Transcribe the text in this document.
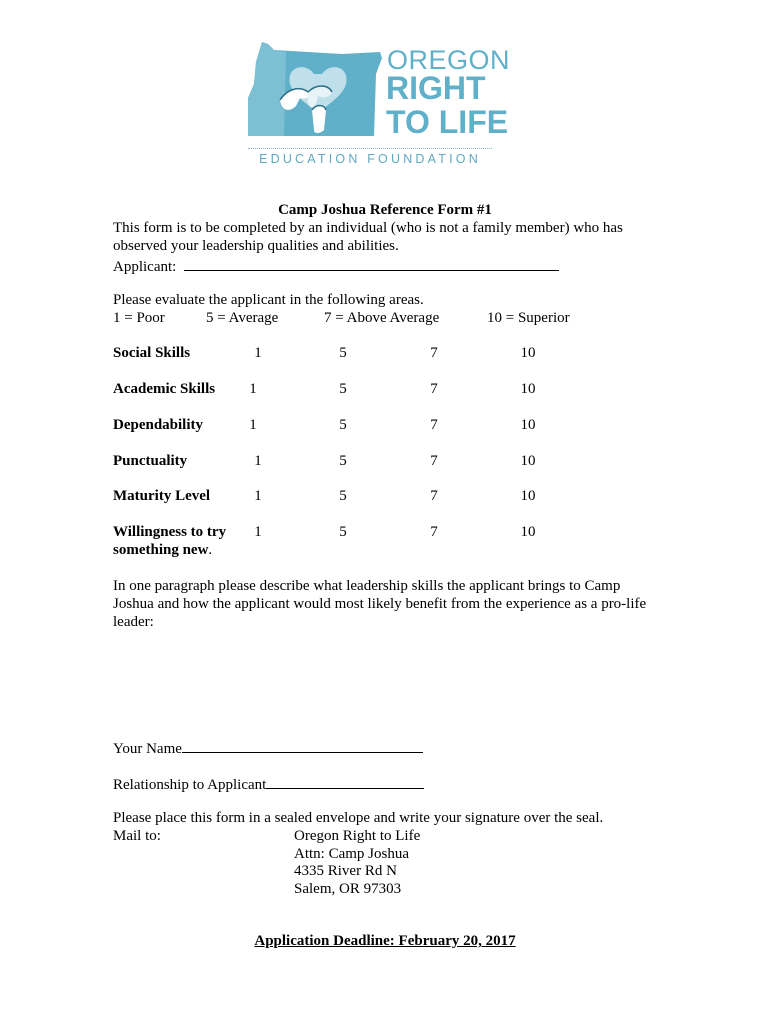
OREGON
RIGHT
TO LIFE
EDUCATION FOUNDATION
Camp Joshua Reference Form #1
This form is to be completed by an individual (who is not a family member) who has
observed your leadership qualities and abilities.
Applicant:
Please evaluate the applicant in the following areas.
1 = Poor	5 = Average	7 = Above Average	10 = Superior
Social Skills	1	5	7	10
Academic Skills	1	5	7	10
Dependability	1	5	7	10
Punctuality	1	5	7	10
Maturity Level	1	5	7	10
Willingness to try
something new.
1	5	7	10
In one paragraph please describe what leadership skills the applicant brings to Camp
Joshua and how the applicant would most likely benefit from the experience as a pro-life
leader:
Your Name
Relationship to Applicant
Please place this form in a sealed envelope and write your signature over the seal.
Mail to:	Oregon Right to Life
Attn: Camp Joshua
4335 River Rd N
Salem, OR 97303
Application Deadline: February 20, 2017
